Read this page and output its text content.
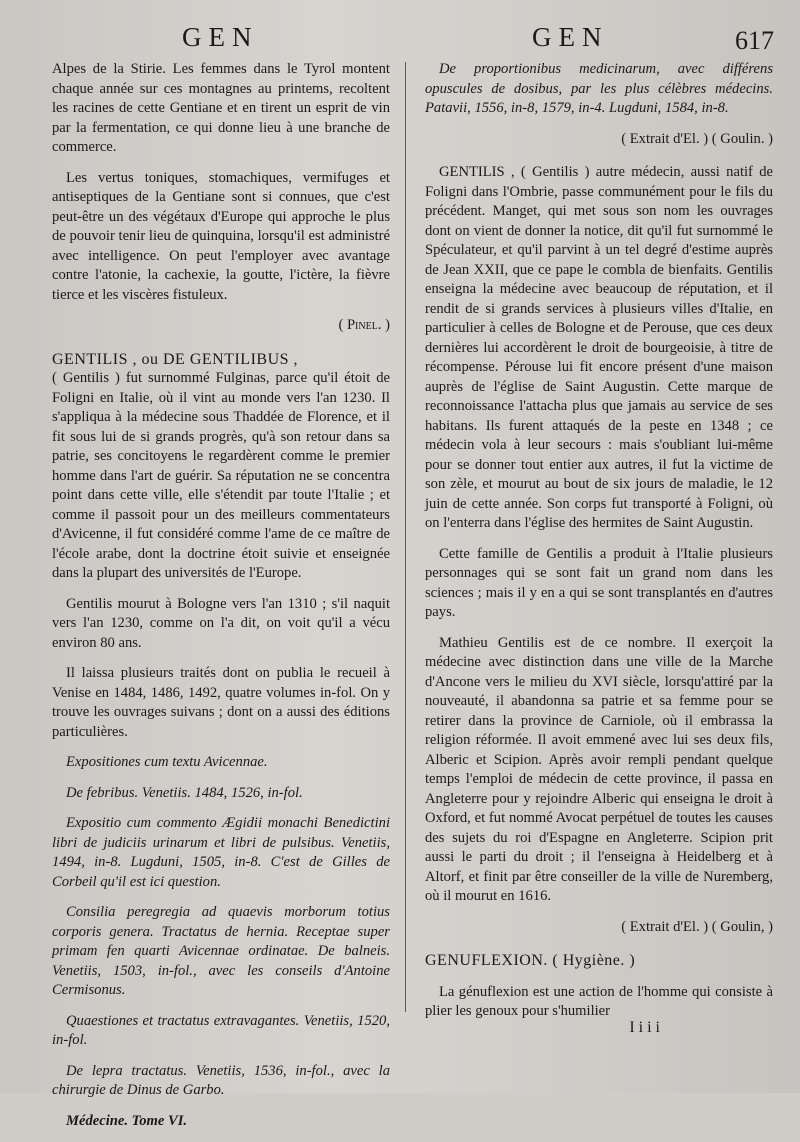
GEN	GEN	617

Alpes de la Stirie. Les femmes dans le Tyrol montent chaque année sur ces montagnes au printems, recoltent les racines de cette Gentiane et en tirent un esprit de vin par la fermentation, ce qui donne lieu à une branche de commerce.

Les vertus toniques, stomachiques, vermifuges et antiseptiques de la Gentiane sont si connues, que c'est peut-être un des végétaux d'Europe qui approche le plus de pouvoir tenir lieu de quinquina, lorsqu'il est administré avec intelligence. On peut l'employer avec avantage contre l'atonie, la cachexie, la goutte, l'ictère, la fièvre tierce et les viscères fistuleux.

( Pinel. )
GENTILIS , ou DE GENTILIBUS ,

( Gentilis ) fut surnommé Fulginas, parce qu'il étoit de Foligni en Italie, où il vint au monde vers l'an 1230. Il s'appliqua à la médecine sous Thaddée de Florence, et il fit sous lui de si grands progrès, qu'à son retour dans sa patrie, ses concitoyens le regardèrent comme le premier homme dans l'art de guérir. Sa réputation ne se concentra point dans cette ville, elle s'étendit par toute l'Italie ; et comme il passoit pour un des meilleurs commentateurs d'Avicenne, il fut considéré comme l'ame de ce maître de l'école arabe, dont la doctrine étoit suivie et enseignée dans la plupart des universités de l'Europe.

Gentilis mourut à Bologne vers l'an 1310 ; s'il naquit vers l'an 1230, comme on l'a dit, on voit qu'il a vécu environ 80 ans.

Il laissa plusieurs traités dont on publia le recueil à Venise en 1484, 1486, 1492, quatre volumes in-fol. On y trouve les ouvrages suivans ; dont on a aussi des éditions particulières.

Expositiones cum textu Avicennae.

De febribus. Venetiis. 1484, 1526, in-fol.

Expositio cum commento Ægidii monachi Benedictini libri de judiciis urinarum et libri de pulsibus. Venetiis, 1494, in-8. Lugduni, 1505, in-8. C'est de Gilles de Corbeil qu'il est ici question.

Consilia peregregia ad quaevis morborum totius corporis genera. Tractatus de hernia. Receptae super primam fen quarti Avicennae ordinatae. De balneis. Venetiis, 1503, in-fol., avec les conseils d'Antoine Cermisonus.

Quaestiones et tractatus extravagantes. Venetiis, 1520, in-fol.

De lepra tractatus. Venetiis, 1536, in-fol., avec la chirurgie de Dinus de Garbo.

Médecine. Tome VI.

De proportionibus medicinarum, avec différens opuscules de dosibus, par les plus célèbres médecins. Patavii, 1556, in-8, 1579, in-4. Lugduni, 1584, in-8.

( Extrait d'El. ) ( Goulin. )

GENTILIS , ( Gentilis ) autre médecin, aussi natif de Foligni dans l'Ombrie, passe communément pour le fils du précédent. Manget, qui met sous son nom les ouvrages dont on vient de donner la notice, dit qu'il fut surnommé le Spéculateur, et qu'il parvint à un tel degré d'estime auprès de Jean XXII, que ce pape le combla de bienfaits. Gentilis enseigna la médecine avec beaucoup de réputation, et il rendit de si grands services à plusieurs villes d'Italie, en particulier à celles de Bologne et de Perouse, que ces deux dernières lui accordèrent le droit de bourgeoisie, à titre de récompense. Pérouse lui fit encore présent d'une maison auprès de l'église de Saint Augustin. Cette marque de reconnoissance l'attacha plus que jamais au service de ses habitans. Ils furent attaqués de la peste en 1348 ; ce médecin vola à leur secours : mais s'oubliant lui-même pour se donner tout entier aux autres, il fut la victime de son zèle, et mourut au bout de six jours de maladie, le 12 juin de cette année. Son corps fut transporté à Foligni, où on l'enterra dans l'église des hermites de Saint Augustin.

Cette famille de Gentilis a produit à l'Italie plusieurs personnages qui se sont fait un grand nom dans les sciences ; mais il y en a qui se sont transplantés en d'autres pays.

Mathieu Gentilis est de ce nombre. Il exerçoit la médecine avec distinction dans une ville de la Marche d'Ancone vers le milieu du XVI siècle, lorsqu'attiré par la nouveauté, il abandonna sa patrie et sa femme pour se retirer dans la province de Carniole, où il embrassa la religion réformée. Il avoit emmené avec lui ses deux fils, Alberic et Scipion. Après avoir rempli pendant quelque temps l'emploi de médecin de cette province, il passa en Angleterre pour y rejoindre Alberic qui enseigna le droit à Oxford, et fut nommé Avocat perpétuel de toutes les causes des sujets du roi d'Espagne en Angleterre. Scipion prit aussi le parti du droit ; il l'enseigna à Heidelberg et à Altorf, et finit par être conseiller de la ville de Nuremberg, où il mourut en 1616.

( Extrait d'El. ) ( Goulin, )
GENUFLEXION. ( Hygiène. )

La génuflexion est une action de l'homme qui consiste à plier les genoux pour s'humilier

I i i i
